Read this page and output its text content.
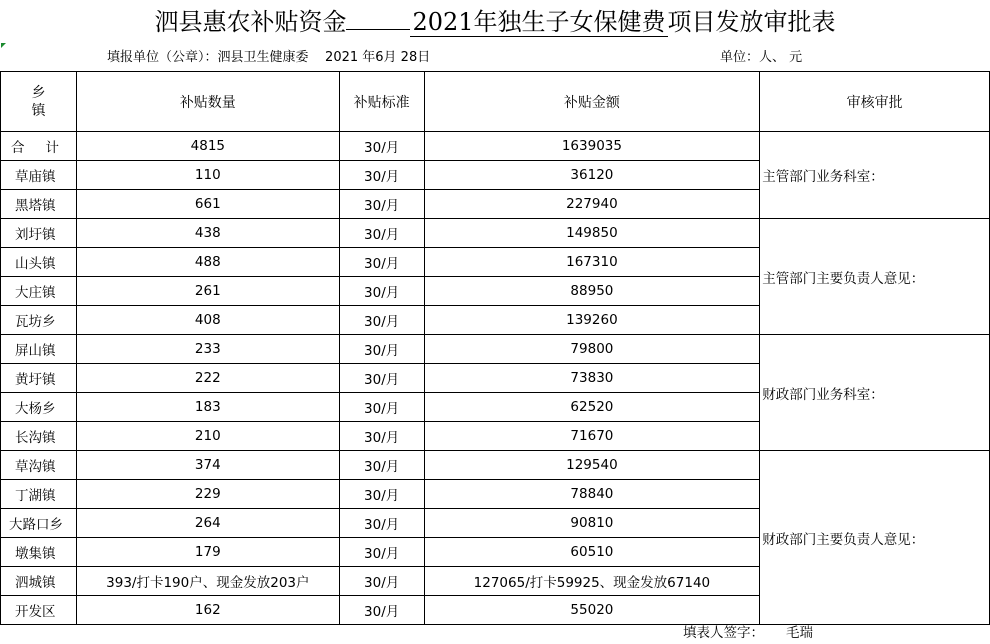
泗县惠农补贴资金	2021年独生子女保健费项目发放审批表
填报单位（公章）：泗县卫生健康委 2021 年6月 28日	单位：人、 元
乡
镇	补贴数量	补贴标准	补贴金额	审核审批
合 计	4815	30/月	1639035	主管部门业务科室：
草庙镇	110	30/月	36120	
黑塔镇	661	30/月	227940	
刘圩镇	438	30/月	149850	主管部门主要负责人意见：
山头镇	488	30/月	167310	
大庄镇	261	30/月	88950	
瓦坊乡	408	30/月	139260	
屏山镇	233	30/月	79800	财政部门业务科室：
黄圩镇	222	30/月	73830	
大杨乡	183	30/月	62520	
长沟镇	210	30/月	71670	
草沟镇	374	30/月	129540	财政部门主要负责人意见：
丁湖镇	229	30/月	78840	
大路口乡	264	30/月	90810	
墩集镇	179	30/月	60510	
泗城镇	393/打卡190户、现金发放203户	30/月	127065/打卡59925、现金发放67140	
开发区	162	30/月	55020	
填表人签字： 毛瑞
